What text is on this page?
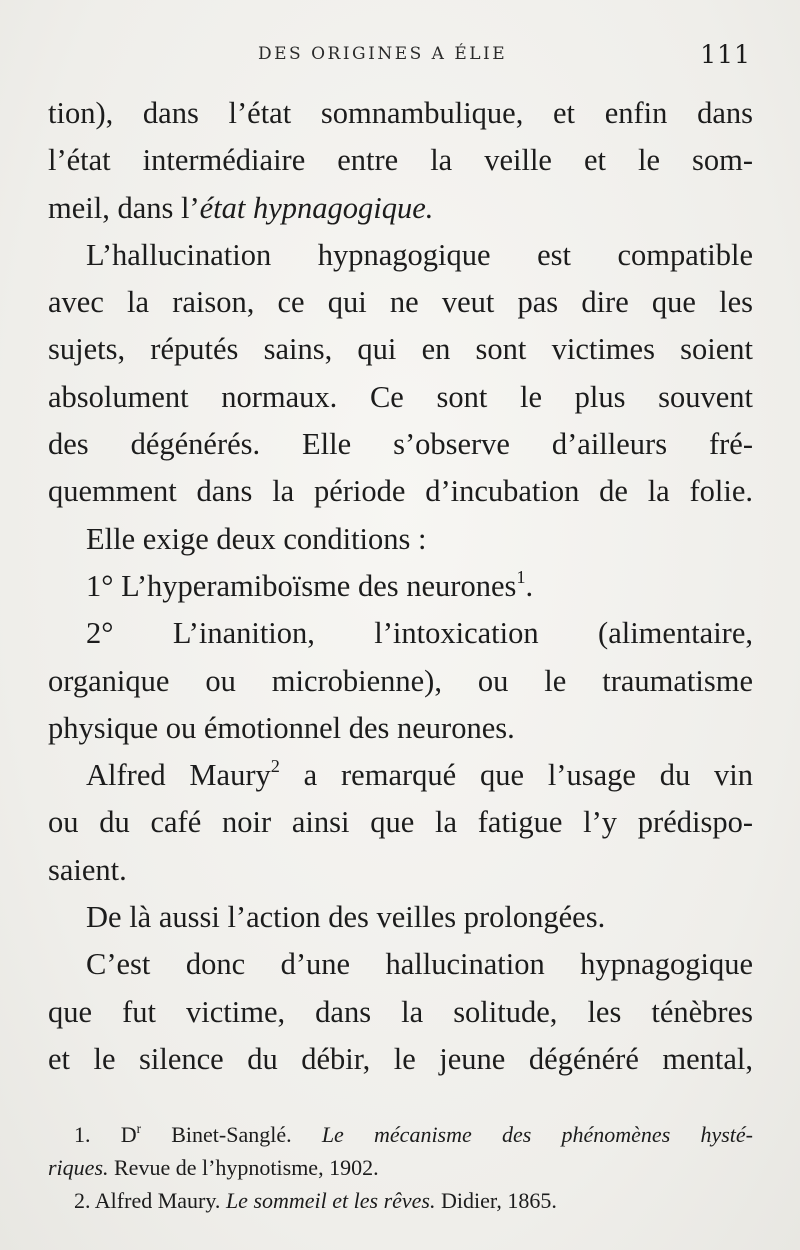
DES ORIGINES A ÉLIE	111
tion), dans l’état somnambulique, et enfin dans
l’état intermédiaire entre la veille et le som-
meil, dans l’état hypnagogique.
L’hallucination hypnagogique est compatible
avec la raison, ce qui ne veut pas dire que les
sujets, réputés sains, qui en sont victimes soient
absolument normaux. Ce sont le plus souvent
des dégénérés. Elle s’observe d’ailleurs fré-
quemment dans la période d’incubation de la folie.
Elle exige deux conditions :
1° L’hyperamiboïsme des neurones$^1$.
2° L’inanition, l’intoxication (alimentaire,
organique ou microbienne), ou le traumatisme
physique ou émotionnel des neurones.
Alfred Maury$^2$ a remarqué que l’usage du vin
ou du café noir ainsi que la fatigue l’y prédispo-
saient.
De là aussi l’action des veilles prolongées.
C’est donc d’une hallucination hypnagogique
que fut victime, dans la solitude, les ténèbres
et le silence du débir, le jeune dégénéré mental,
1. $D^r$ Binet-Sanglé. Le mécanisme des phénomènes hysté-
riques. Revue de l’hypnotisme, 1902.
2. Alfred Maury. Le sommeil et les rêves. Didier, 1865.
